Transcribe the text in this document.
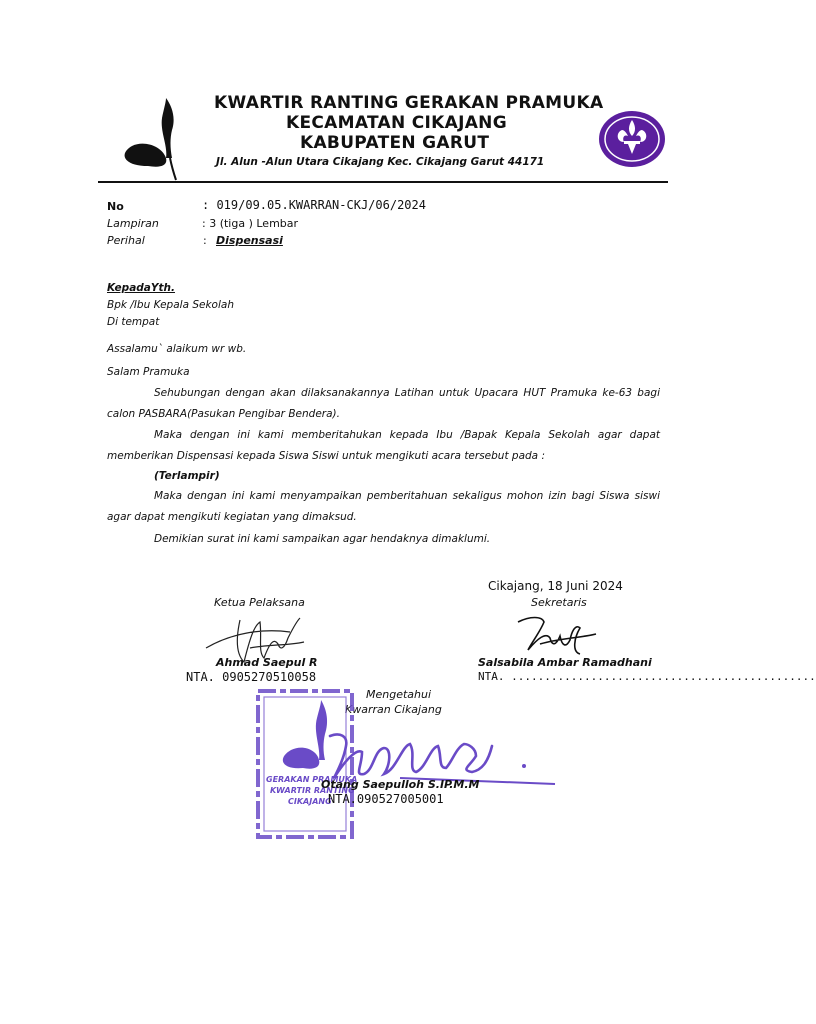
KWARTIR RANTING GERAKAN PRAMUKA
KECAMATAN CIKAJANG
KABUPATEN GARUT
Jl. Alun -Alun Utara Cikajang Kec. Cikajang Garut 44171
No	: 019/09.05.KWARRAN-CKJ/06/2024
Lampiran	: 3 (tiga ) Lembar
Perihal	: Dispensasi
KepadaYth.
Bpk /Ibu Kepala Sekolah
Di tempat
Assalamu` alaikum wr wb.
Salam Pramuka
Sehubungan dengan akan dilaksanakannya Latihan untuk Upacara HUT Pramuka ke-63 bagi calon PASBARA(Pasukan Pengibar Bendera).
Maka dengan ini kami memberitahukan kepada Ibu /Bapak Kepala Sekolah agar dapat memberikan Dispensasi kepada Siswa Siswi untuk mengikuti acara tersebut pada :
(Terlampir)
Maka dengan ini kami menyampaikan pemberitahuan sekaligus mohon izin bagi Siswa siswi agar dapat mengikuti kegiatan yang dimaksud.
Demikian surat ini kami sampaikan agar hendaknya dimaklumi.
Cikajang, 18 Juni 2024
Ketua Pelaksana	Sekretaris
Ahmad Saepul R	Salsabila Ambar Ramadhani
NTA. 0905270510058	NTA. ..............................................
Mengetahui
Kwarran Cikajang
GERAKAN PRAMUKA
KWARTIR RANTING
CIKAJANG
Otang Saepulloh S.IP.M.M
NTA.090527005001
